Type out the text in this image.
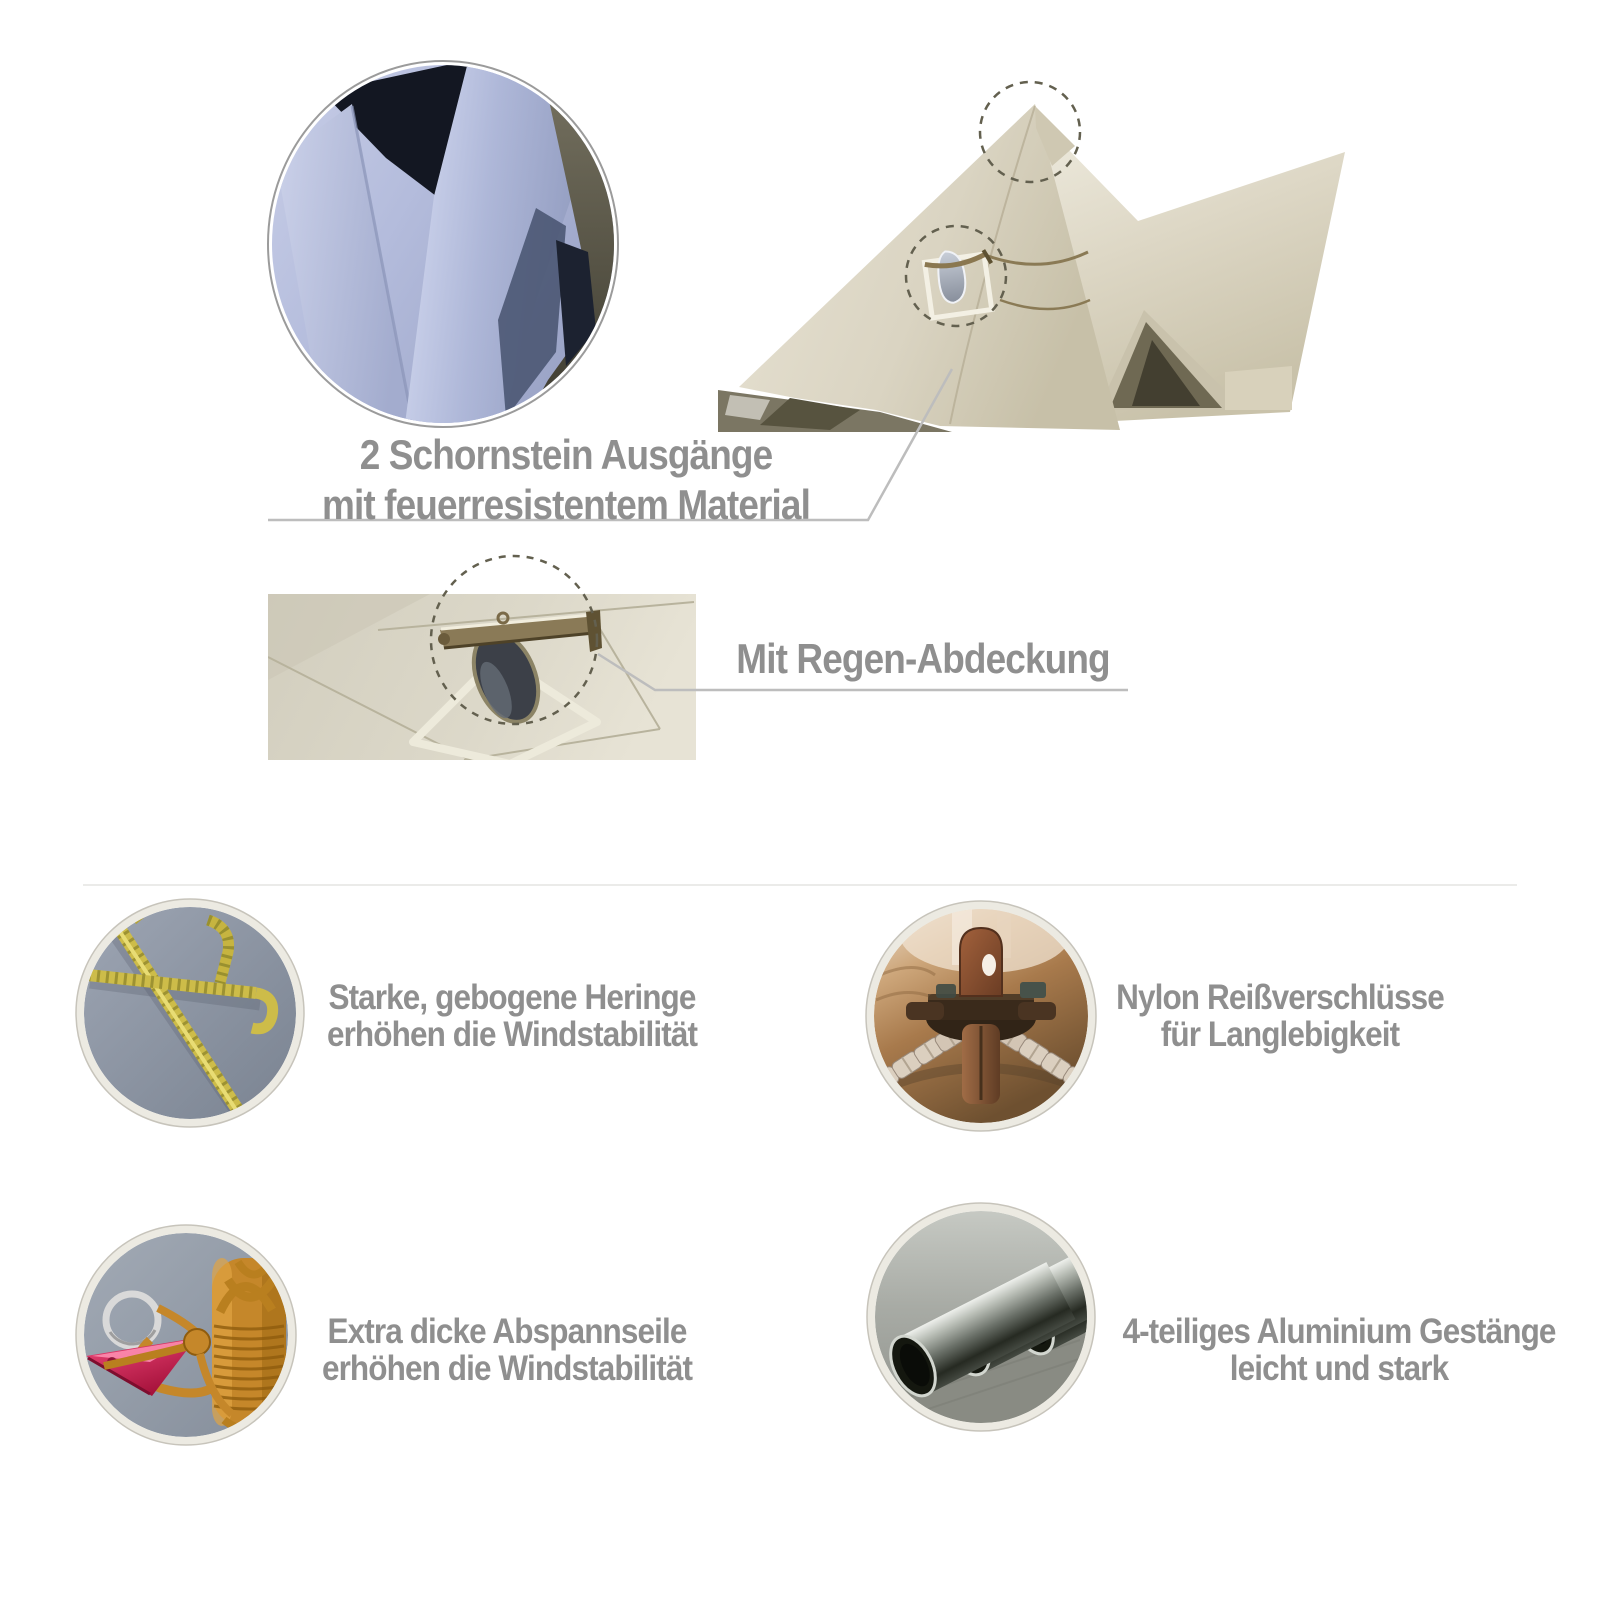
2 Schornstein Ausgänge
mit feuerresistentem Material
Mit Regen-Abdeckung
Starke, gebogene Heringe
erhöhen die Windstabilität
Nylon Reißverschlüsse
für Langlebigkeit
Extra dicke Abspannseile
erhöhen die Windstabilität
4-teiliges Aluminium Gestänge
leicht und stark
